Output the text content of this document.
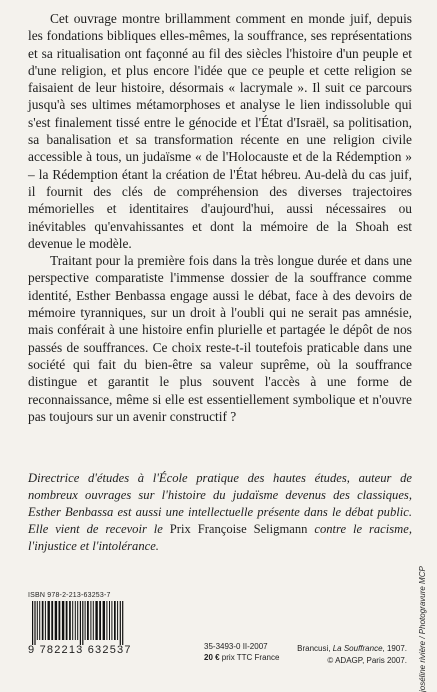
Cet ouvrage montre brillamment comment en monde juif, depuis les fondations bibliques elles-mêmes, la souffrance, ses représentations et sa ritualisation ont façonné au fil des siècles l'histoire d'un peuple et d'une religion, et plus encore l'idée que ce peuple et cette religion se faisaient de leur histoire, désormais « lacrymale ». Il suit ce parcours jusqu'à ses ultimes métamorphoses et analyse le lien indissoluble qui s'est finalement tissé entre le génocide et l'État d'Israël, sa politisation, sa banalisation et sa transformation récente en une religion civile accessible à tous, un judaïsme « de l'Holocauste et de la Rédemption » – la Rédemption étant la création de l'État hébreu. Au-delà du cas juif, il fournit des clés de compréhension des diverses trajectoires mémorielles et identitaires d'aujourd'hui, aussi nécessaires ou inévitables qu'envahissantes et dont la mémoire de la Shoah est devenue le modèle.

Traitant pour la première fois dans la très longue durée et dans une perspective comparatiste l'immense dossier de la souffrance comme identité, Esther Benbassa engage aussi le débat, face à des devoirs de mémoire tyranniques, sur un droit à l'oubli qui ne serait pas amnésie, mais conférait à une histoire enfin plurielle et partagée le dépôt de nos passés de souffrances. Ce choix reste-t-il toutefois praticable dans une société qui fait du bien-être sa valeur suprême, où la souffrance distingue et garantit le plus souvent l'accès à une forme de reconnaissance, même si elle est essentiellement symbolique et n'ouvre pas toujours sur un avenir constructif ?

Directrice d'études à l'École pratique des hautes études, auteur de nombreux ouvrages sur l'histoire du judaïsme devenus des classiques, Esther Benbassa est aussi une intellectuelle présente dans le débat public. Elle vient de recevoir le Prix Françoise Seligmann contre le racisme, l'injustice et l'intolérance.

ISBN 978-2-213-63253-7
9 782213 632537	35-3493-0 II-2007
20 € prix TTC France
Brancusi, La Souffrance, 1907.
© ADAGP, Paris 2007. joséline rivière / Photogravure MCP
